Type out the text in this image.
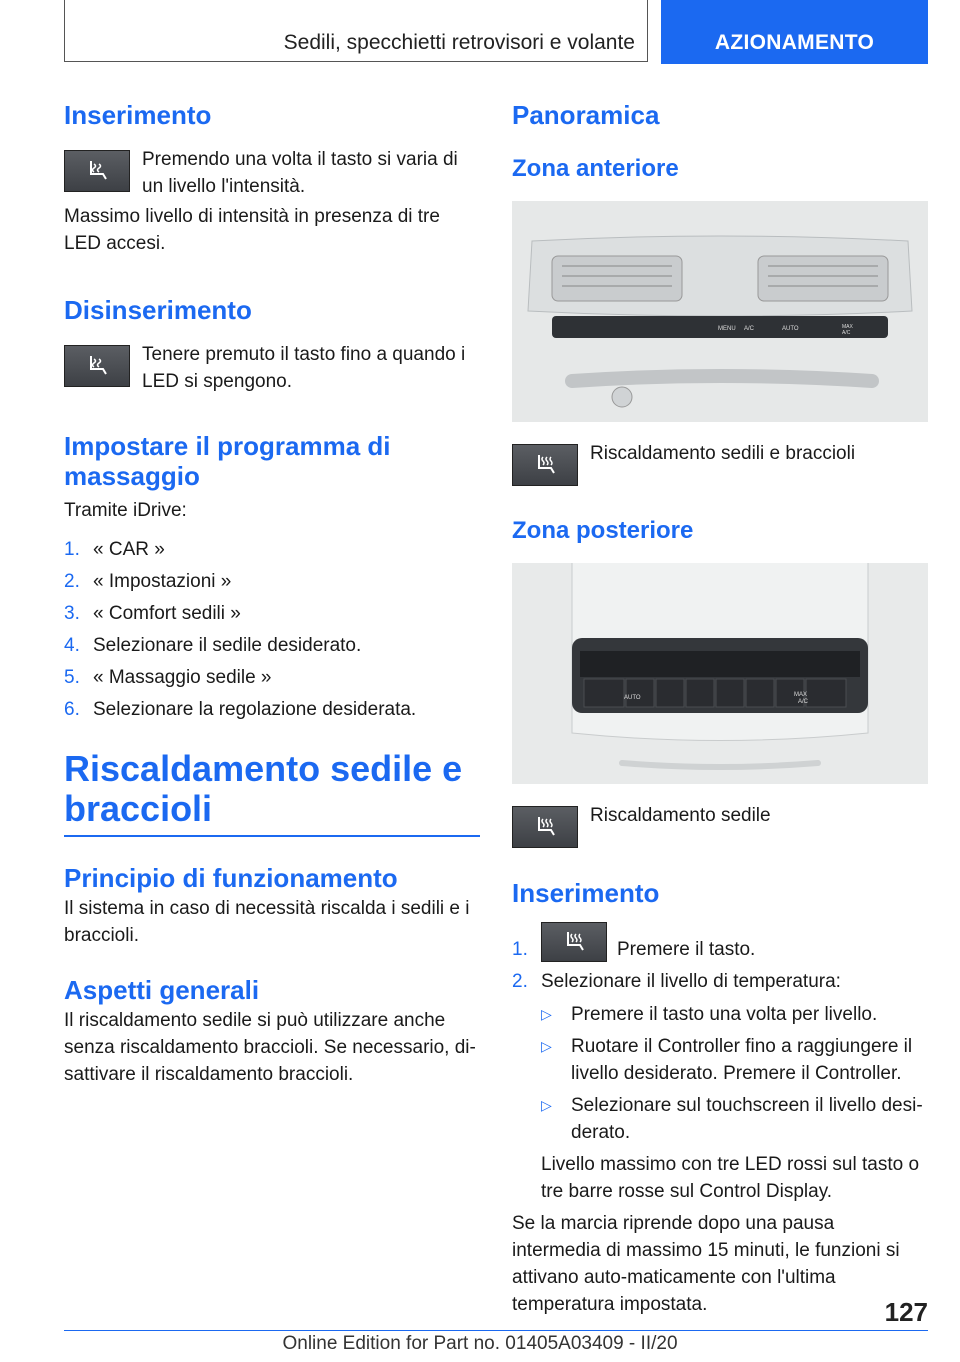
Sedili, specchietti retrovisori e volante	AZIONAMENTO
Inserimento

Premendo una volta il tasto si varia di un livello l'intensità.

Massimo livello di intensità in presenza di tre LED accesi.

Disinserimento

Tenere premuto il tasto fino a quando i LED si spengono.

Impostare il programma di massaggio

Tramite iDrive:

1. « CAR »
2. « Impostazioni »
3. « Comfort sedili »
4. Selezionare il sedile desiderato.
5. « Massaggio sedile »
6. Selezionare la regolazione desiderata.
Riscaldamento sedile e braccioli
Principio di funzionamento

Il sistema in caso di necessità riscalda i sedili e i braccioli.

Aspetti generali

Il riscaldamento sedile si può utilizzare anche senza riscaldamento braccioli. Se necessario, di-sattivare il riscaldamento braccioli.

Panoramica
Zona anteriore
MENU A/C	AUTO	MAX
A/C

Riscaldamento sedili e braccioli

Zona posteriore
AUTO	MAX
A/C

Riscaldamento sedile

Inserimento
1.	Premere il tasto.
2. Selezionare il livello di temperatura:
▷	Premere il tasto una volta per livello.
▷	Ruotare il Controller fino a raggiungere il livello desiderato. Premere il Controller.
▷	Selezionare sul touchscreen il livello desi-derato.

Livello massimo con tre LED rossi sul tasto o tre barre rosse sul Control Display.

Se la marcia riprende dopo una pausa intermedia di massimo 15 minuti, le funzioni si attivano auto-maticamente con l'ultima temperatura impostata.	127
Online Edition for Part no. 01405A03409 - II/20
